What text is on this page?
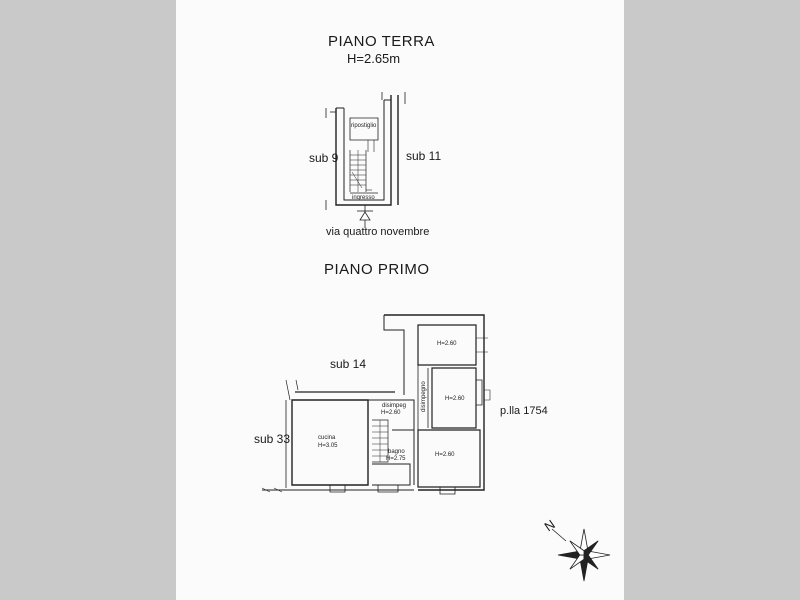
PIANO TERRA
H=2.65m
sub 9	sub 11
ripostiglio
ingresso
via quattro novembre
PIANO PRIMO
sub 14
sub 33
p.lla 1754
H=2.60
disimpegno	H=2.60
disimpeg
H=2.60
cucina
H=3.05
bagno
H=2.75
H=2.60
N
